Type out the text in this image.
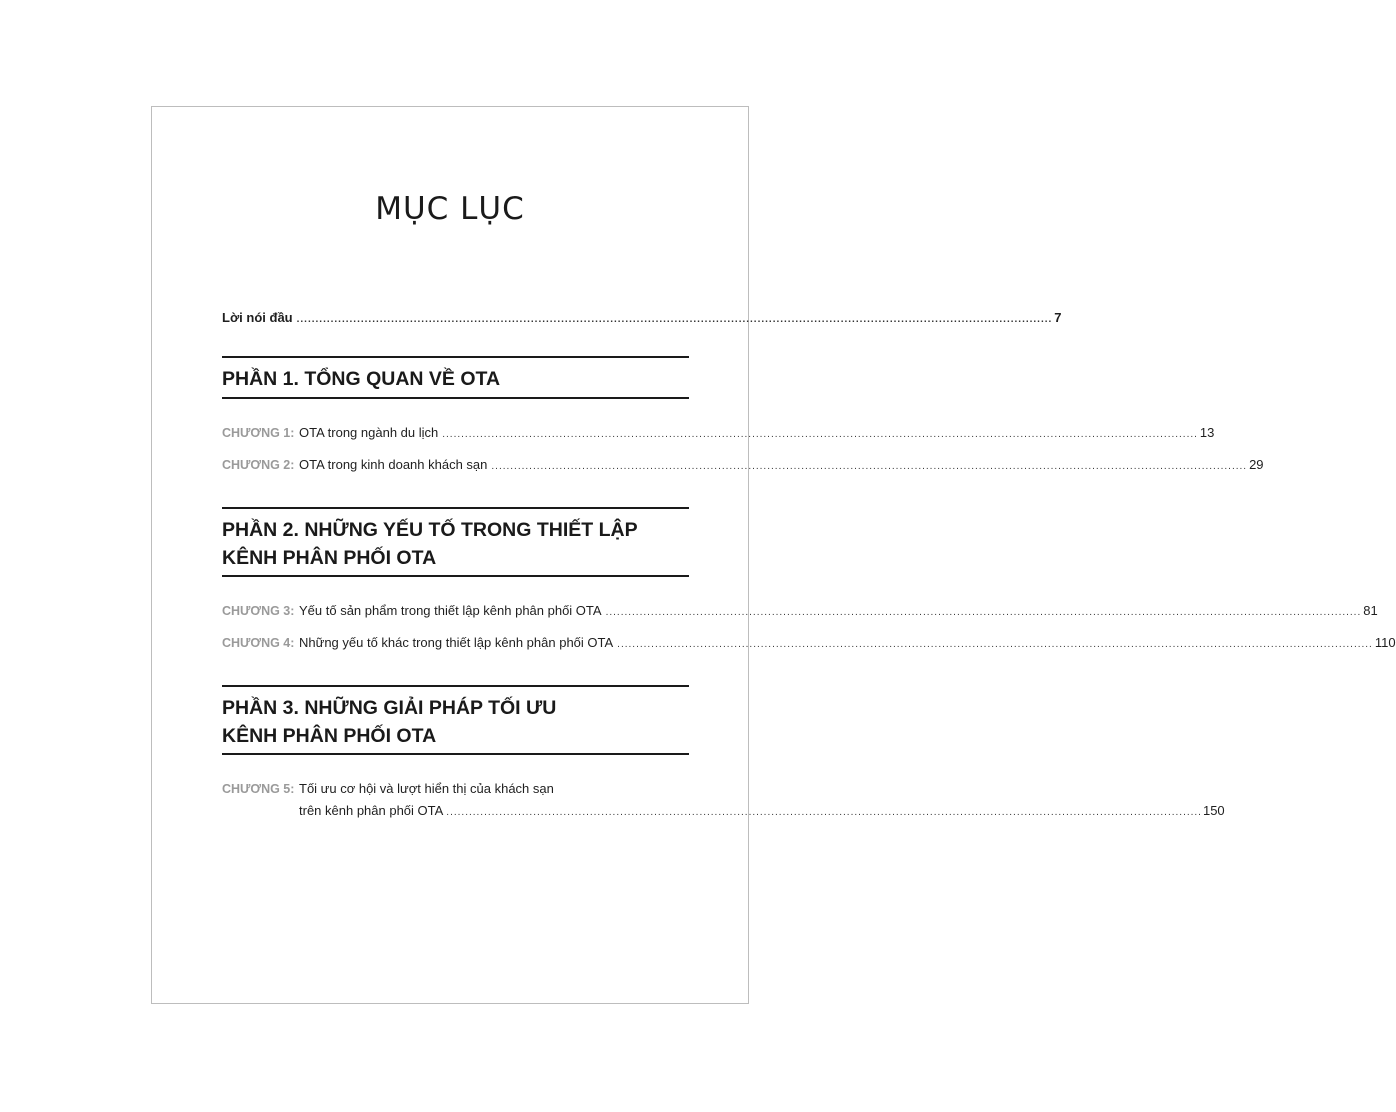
MỤC LỤC
Lời nói đầu ........................................................................................................................................................................................................ 7
PHẦN 1. TỔNG QUAN VỀ OTA
CHƯƠNG 1: OTA trong ngành du lịch ........................................................................................................................................................................................................ 13
CHƯƠNG 2: OTA trong kinh doanh khách sạn ........................................................................................................................................................................................................ 29
PHẦN 2. NHỮNG YẾU TỐ TRONG THIẾT LẬP
KÊNH PHÂN PHỐI OTA
CHƯƠNG 3: Yếu tố sản phẩm trong thiết lập kênh phân phối OTA ........................................................................................................................................................................................................ 81
CHƯƠNG 4: Những yếu tố khác trong thiết lập kênh phân phối OTA ........................................................................................................................................................................................................ 110
PHẦN 3. NHỮNG GIẢI PHÁP TỐI ƯU
KÊNH PHÂN PHỐI OTA
CHƯƠNG 5: Tối ưu cơ hội và lượt hiển thị của khách sạn
trên kênh phân phối OTA ........................................................................................................................................................................................................ 150
